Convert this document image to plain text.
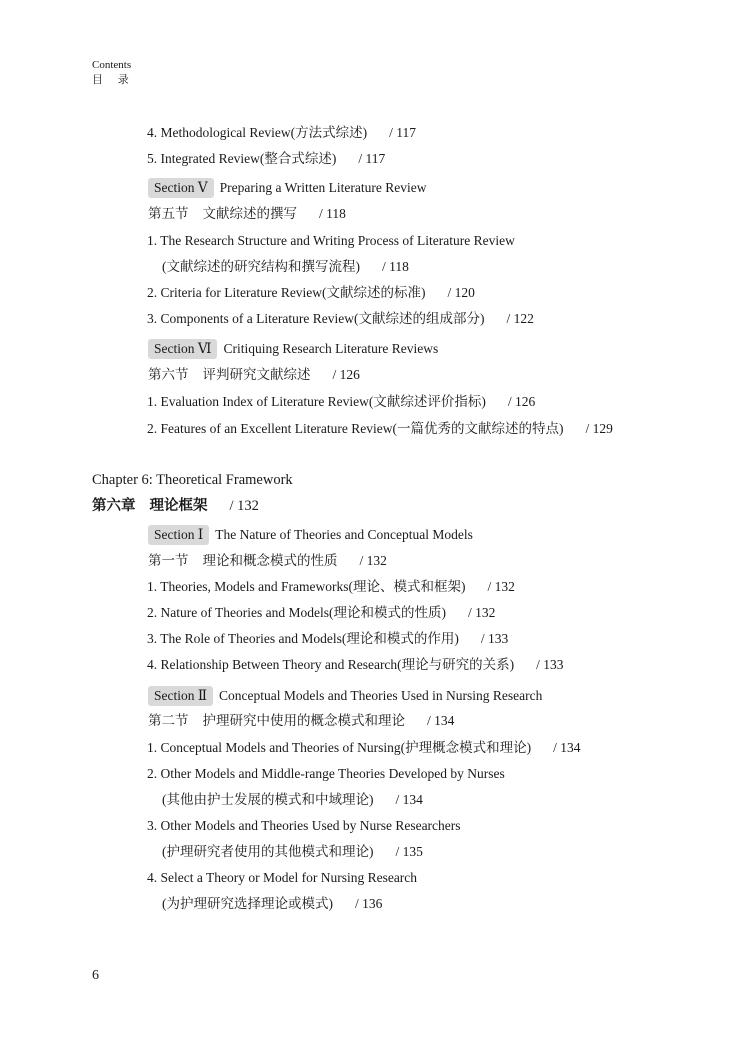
Contents
目 录
4. Methodological Review(方法式综述) / 117
5. Integrated Review(整合式综述) / 117
Section Ⅴ Preparing a Written Literature Review
第五节 文献综述的撰写 / 118
1. The Research Structure and Writing Process of Literature Review
(文献综述的研究结构和撰写流程) / 118
2. Criteria for Literature Review(文献综述的标准) / 120
3. Components of a Literature Review(文献综述的组成部分) / 122
Section Ⅵ Critiquing Research Literature Reviews
第六节 评判研究文献综述 / 126
1. Evaluation Index of Literature Review(文献综述评价指标) / 126
2. Features of an Excellent Literature Review(一篇优秀的文献综述的特点) / 129
Chapter 6: Theoretical Framework
第六章 理论框架 / 132
Section Ⅰ The Nature of Theories and Conceptual Models
第一节 理论和概念模式的性质 / 132
1. Theories, Models and Frameworks(理论、模式和框架) / 132
2. Nature of Theories and Models(理论和模式的性质) / 132
3. The Role of Theories and Models(理论和模式的作用) / 133
4. Relationship Between Theory and Research(理论与研究的关系) / 133
Section Ⅱ Conceptual Models and Theories Used in Nursing Research
第二节 护理研究中使用的概念模式和理论 / 134
1. Conceptual Models and Theories of Nursing(护理概念模式和理论) / 134
2. Other Models and Middle-range Theories Developed by Nurses
(其他由护士发展的模式和中域理论) / 134
3. Other Models and Theories Used by Nurse Researchers
(护理研究者使用的其他模式和理论) / 135
4. Select a Theory or Model for Nursing Research
(为护理研究选择理论或模式) / 136
6
